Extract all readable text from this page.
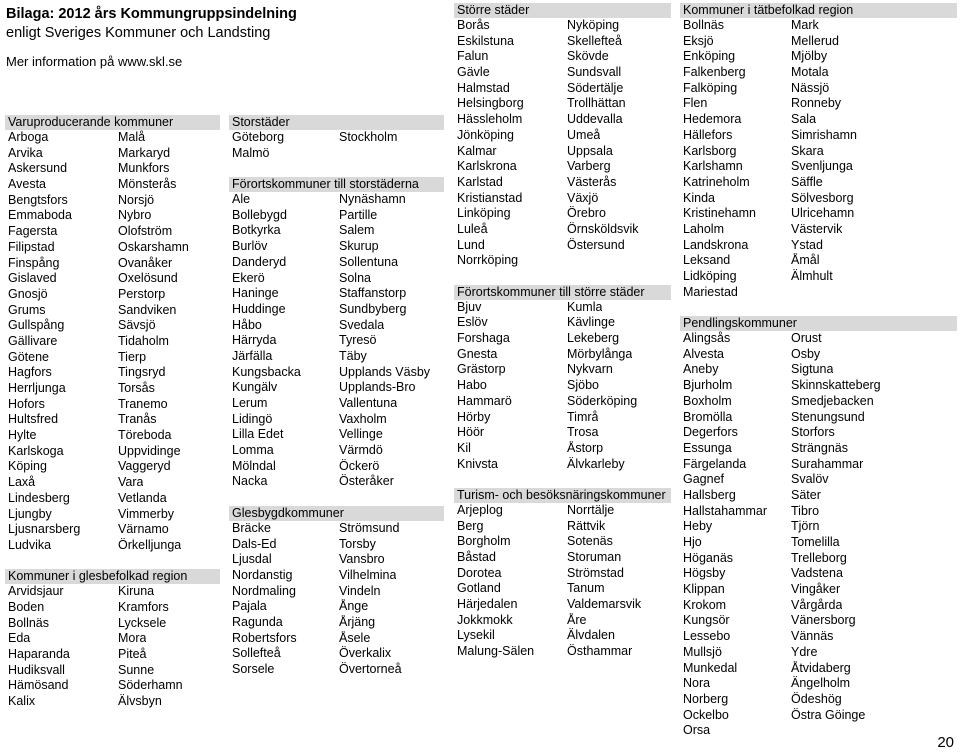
Bilaga: 2012 års Kommungruppsindelning
enligt Sveriges Kommuner och Landsting
Mer information på www.skl.se
Varuproducerande kommuner
Arboga	Malå
Arvika	Markaryd
Askersund	Munkfors
Avesta	Mönsterås
Bengtsfors	Norsjö
Emmaboda	Nybro
Fagersta	Olofström
Filipstad	Oskarshamn
Finspång	Ovanåker
Gislaved	Oxelösund
Gnosjö	Perstorp
Grums	Sandviken
Gullspång	Sävsjö
Gällivare	Tidaholm
Götene	Tierp
Hagfors	Tingsryd
Herrljunga	Torsås
Hofors	Tranemo
Hultsfred	Tranås
Hylte	Töreboda
Karlskoga	Uppvidinge
Köping	Vaggeryd
Laxå	Vara
Lindesberg	Vetlanda
Ljungby	Vimmerby
Ljusnarsberg	Värnamo
Ludvika	Örkelljunga
Kommuner i glesbefolkad region
Arvidsjaur	Kiruna
Boden	Kramfors
Bollnäs	Lycksele
Eda	Mora
Haparanda	Piteå
Hudiksvall	Sunne
Hämösand	Söderhamn
Kalix	Älvsbyn
Storstäder
Göteborg	Stockholm
Malmö
Förortskommuner till storstäderna
Ale	Nynäshamn
Bollebygd	Partille
Botkyrka	Salem
Burlöv	Skurup
Danderyd	Sollentuna
Ekerö	Solna
Haninge	Staffanstorp
Huddinge	Sundbyberg
Håbo	Svedala
Härryda	Tyresö
Järfälla	Täby
Kungsbacka	Upplands Väsby
Kungälv	Upplands-Bro
Lerum	Vallentuna
Lidingö	Vaxholm
Lilla Edet	Vellinge
Lomma	Värmdö
Mölndal	Öckerö
Nacka	Österåker
Glesbygdkommuner
Bräcke	Strömsund
Dals-Ed	Torsby
Ljusdal	Vansbro
Nordanstig	Vilhelmina
Nordmaling	Vindeln
Pajala	Ånge
Ragunda	Årjäng
Robertsfors	Åsele
Sollefteå	Överkalix
Sorsele	Övertorneå
Större städer
Borås	Nyköping
Eskilstuna	Skellefteå
Falun	Skövde
Gävle	Sundsvall
Halmstad	Södertälje
Helsingborg	Trollhättan
Hässleholm	Uddevalla
Jönköping	Umeå
Kalmar	Uppsala
Karlskrona	Varberg
Karlstad	Västerås
Kristianstad	Växjö
Linköping	Örebro
Luleå	Örnsköldsvik
Lund	Östersund
Norrköping
Förortskommuner till större städer
Bjuv	Kumla
Eslöv	Kävlinge
Forshaga	Lekeberg
Gnesta	Mörbylånga
Grästorp	Nykvarn
Habo	Sjöbo
Hammarö	Söderköping
Hörby	Timrå
Höör	Trosa
Kil	Åstorp
Knivsta	Älvkarleby
Turism- och besöksnäringskommuner
Arjeplog	Norrtälje
Berg	Rättvik
Borgholm	Sotenäs
Båstad	Storuman
Dorotea	Strömstad
Gotland	Tanum
Härjedalen	Valdemarsvik
Jokkmokk	Åre
Lysekil	Älvdalen
Malung-Sälen	Östhammar
Kommuner i tätbefolkad region
Bollnäs	Mark
Eksjö	Mellerud
Enköping	Mjölby
Falkenberg	Motala
Falköping	Nässjö
Flen	Ronneby
Hedemora	Sala
Hällefors	Simrishamn
Karlsborg	Skara
Karlshamn	Svenljunga
Katrineholm	Säffle
Kinda	Sölvesborg
Kristinehamn	Ulricehamn
Laholm	Västervik
Landskrona	Ystad
Leksand	Åmål
Lidköping	Älmhult
Mariestad
Pendlingskommuner
Alingsås	Orust
Alvesta	Osby
Aneby	Sigtuna
Bjurholm	Skinnskatteberg
Boxholm	Smedjebacken
Bromölla	Stenungsund
Degerfors	Storfors
Essunga	Strängnäs
Färgelanda	Surahammar
Gagnef	Svalöv
Hallsberg	Säter
Hallstahammar	Tibro
Heby	Tjörn
Hjo	Tomelilla
Höganäs	Trelleborg
Högsby	Vadstena
Klippan	Vingåker
Krokom	Vårgårda
Kungsör	Vänersborg
Lessebo	Vännäs
Mullsjö	Ydre
Munkedal	Åtvidaberg
Nora	Ängelholm
Norberg	Ödeshög
Ockelbo	Östra Göinge
Orsa
20
